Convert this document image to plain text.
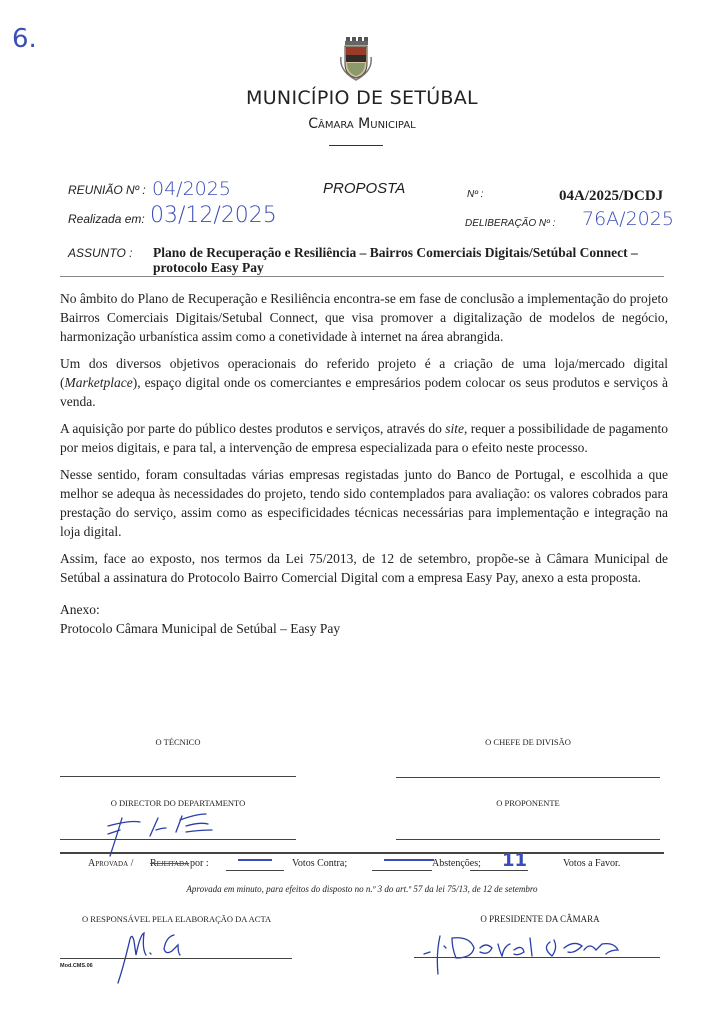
6.
MUNICÍPIO DE SETÚBAL
Câmara Municipal
REUNIÃO Nº : 04/2025
Realizada em: 03/12/2025
PROPOSTA	Nº :	04A/2025/DCDJ
DELIBERAÇÃO Nº : 76A/2025
ASSUNTO : Plano de Recuperação e Resiliência – Bairros Comerciais Digitais/Setúbal Connect – protocolo Easy Pay

No âmbito do Plano de Recuperação e Resiliência encontra-se em fase de conclusão a implementação do projeto Bairros Comerciais Digitais/Setubal Connect, que visa promover a digitalização de modelos de negócio, harmonização urbanística assim como a conetividade à internet na área abrangida.

Um dos diversos objetivos operacionais do referido projeto é a criação de uma loja/mercado digital (Marketplace), espaço digital onde os comerciantes e empresários podem colocar os seus produtos e serviços à venda.

A aquisição por parte do público destes produtos e serviços, através do site, requer a possibilidade de pagamento por meios digitais, e para tal, a intervenção de empresa especializada para o efeito neste processo.

Nesse sentido, foram consultadas várias empresas registadas junto do Banco de Portugal, e escolhida a que melhor se adequa às necessidades do projeto, tendo sido contemplados para avaliação: os valores cobrados para prestação do serviço, assim como as especificidades técnicas necessárias para implementação e integração na loja digital.

Assim, face ao exposto, nos termos da Lei 75/2013, de 12 de setembro, propõe-se à Câmara Municipal de Setúbal a assinatura do Protocolo Bairro Comercial Digital com a empresa Easy Pay, anexo a esta proposta.

Anexo:
Protocolo Câmara Municipal de Setúbal – Easy Pay
O TÉCNICO	O CHEFE DE DIVISÃO
O DIRECTOR DO DEPARTAMENTO	O PROPONENTE
Aprovada / Rejeitada por :	Votos Contra;	Abstenções; 11	Votos a Favor.
Aprovada em minuto, para efeitos do disposto no n.º 3 do art.º 57 da lei 75/13, de 12 de setembro
O RESPONSÁVEL PELA ELABORAÇÃO DA ACTA	O PRESIDENTE DA CÂMARA
Mod.CMS.06
